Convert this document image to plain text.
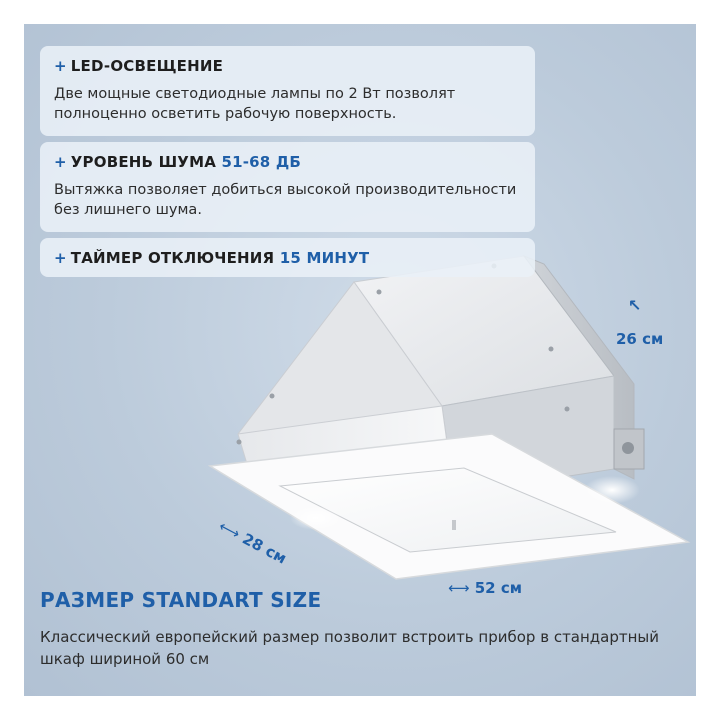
+ LED-ОСВЕЩЕНИЕ
Две мощные светодиодные лампы по 2 Вт позволят полноценно осветить рабочую поверхность.
+ УРОВЕНЬ ШУМА 51-68 ДБ
Вытяжка позволяет добиться высокой производительности без лишнего шума.
+ ТАЙМЕР ОТКЛЮЧЕНИЯ 15 МИНУТ
↖
26 см
⟷ 28 см
⟷ 52 см
РАЗМЕР STANDART SIZE
Классический европейский размер позволит встроить прибор в стандартный шкаф шириной 60 см
